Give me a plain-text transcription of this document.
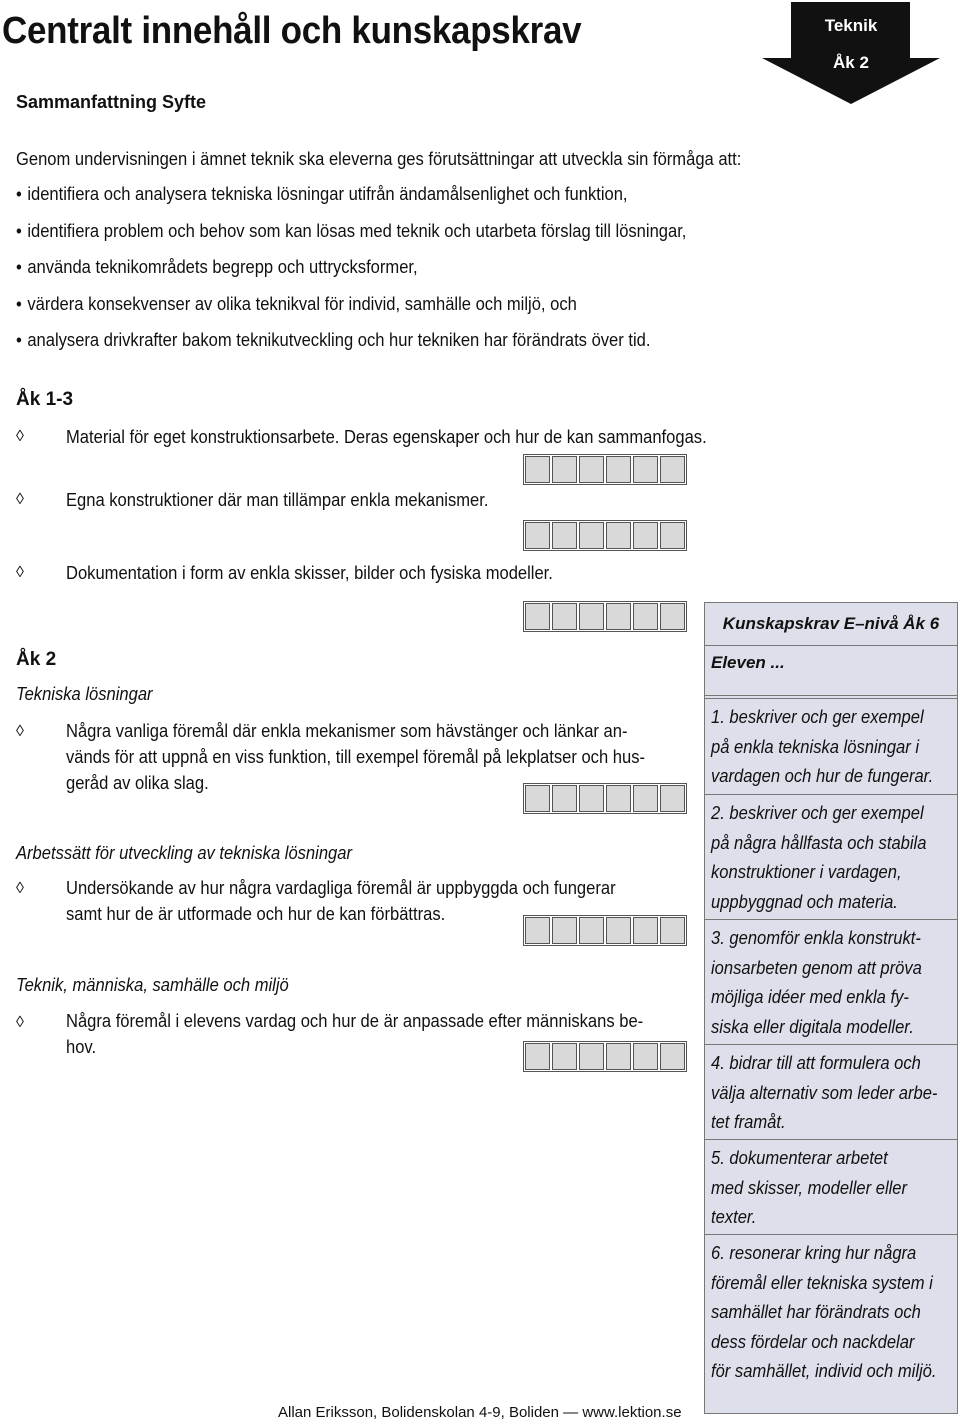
Centralt innehåll och kunskapskrav	Teknik
Åk 2
Sammanfattning Syfte
Genom undervisningen i ämnet teknik ska eleverna ges förutsättningar att utveckla sin förmåga att:
• identifiera och analysera tekniska lösningar utifrån ändamålsenlighet och funktion,
• identifiera problem och behov som kan lösas med teknik och utarbeta förslag till lösningar,
• använda teknikområdets begrepp och uttrycksformer,
• värdera konsekvenser av olika teknikval för individ, samhälle och miljö, och
• analysera drivkrafter bakom teknikutveckling och hur tekniken har förändrats över tid.
Åk 1-3
◊ Material för eget konstruktionsarbete. Deras egenskaper och hur de kan sammanfogas.
◊ Egna konstruktioner där man tillämpar enkla mekanismer.
◊ Dokumentation i form av enkla skisser, bilder och fysiska modeller.
Åk 2
Tekniska lösningar
◊ Några vanliga föremål där enkla mekanismer som hävstänger och länkar an-
vänds för att uppnå en viss funktion, till exempel föremål på lekplatser och hus-
geråd av olika slag.
Arbetssätt för utveckling av tekniska lösningar
◊ Undersökande av hur några vardagliga föremål är uppbyggda och fungerar
samt hur de är utformade och hur de kan förbättras.
Teknik, människa, samhälle och miljö
◊ Några föremål i elevens vardag och hur de är anpassade efter människans be-
hov.
Kunskapskrav E–nivå Åk 6
Eleven ...
1. beskriver och ger exempel
på enkla tekniska lösningar i
vardagen och hur de fungerar.
2. beskriver och ger exempel
på några hållfasta och stabila
konstruktioner i vardagen,
uppbyggnad och materia.
3. genomför enkla konstrukt-
ionsarbeten genom att pröva
möjliga idéer med enkla fy-
siska eller digitala modeller.
4. bidrar till att formulera och
välja alternativ som leder arbe-
tet framåt.
5. dokumenterar arbetet
med skisser, modeller eller
texter.
6. resonerar kring hur några
föremål eller tekniska system i
samhället har förändrats och
dess fördelar och nackdelar
för samhället, individ och miljö.
Allan Eriksson, Bolidenskolan 4-9, Boliden — www.lektion.se
